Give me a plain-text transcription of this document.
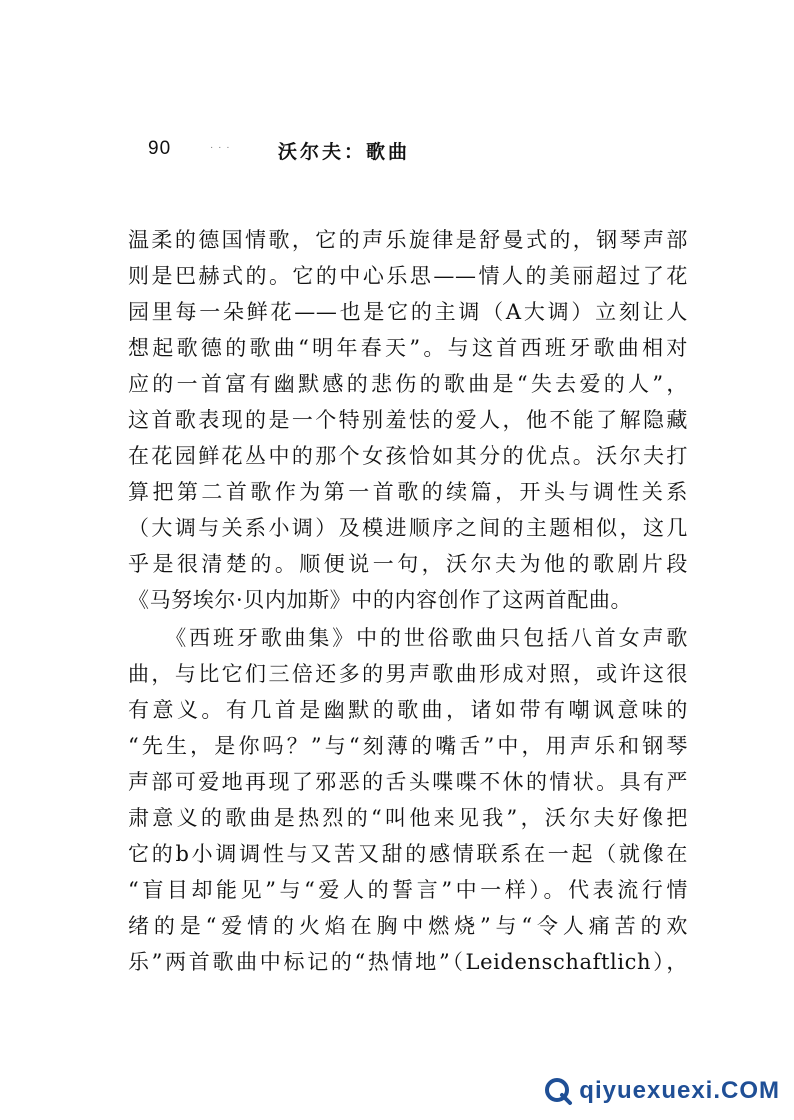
90	· · · 沃尔夫：歌曲
温柔的德国情歌，它的声乐旋律是舒曼式的，钢琴声部
则是巴赫式的。它的中心乐思——情人的美丽超过了花
园里每一朵鲜花——也是它的主调（A大调）立刻让人
想起歌德的歌曲“明年春天”。与这首西班牙歌曲相对
应的一首富有幽默感的悲伤的歌曲是“失去爱的人”，
这首歌表现的是一个特别羞怯的爱人，他不能了解隐藏
在花园鲜花丛中的那个女孩恰如其分的优点。沃尔夫打
算把第二首歌作为第一首歌的续篇，开头与调性关系
（大调与关系小调）及模进顺序之间的主题相似，这几
乎是很清楚的。顺便说一句，沃尔夫为他的歌剧片段
《马努埃尔·贝内加斯》中的内容创作了这两首配曲。
　　《西班牙歌曲集》中的世俗歌曲只包括八首女声歌
曲，与比它们三倍还多的男声歌曲形成对照，或许这很
有意义。有几首是幽默的歌曲，诸如带有嘲讽意味的
“先生，是你吗？”与“刻薄的嘴舌”中，用声乐和钢琴
声部可爱地再现了邪恶的舌头喋喋不休的情状。具有严
肃意义的歌曲是热烈的“叫他来见我”，沃尔夫好像把
它的b小调调性与又苦又甜的感情联系在一起（就像在
“盲目却能见”与“爱人的誓言”中一样）。代表流行情
绪的是“爱情的火焰在胸中燃烧”与“令人痛苦的欢
乐”两首歌曲中标记的“热情地”（Leidenschaftlich），
qiyuexuexi.COM
